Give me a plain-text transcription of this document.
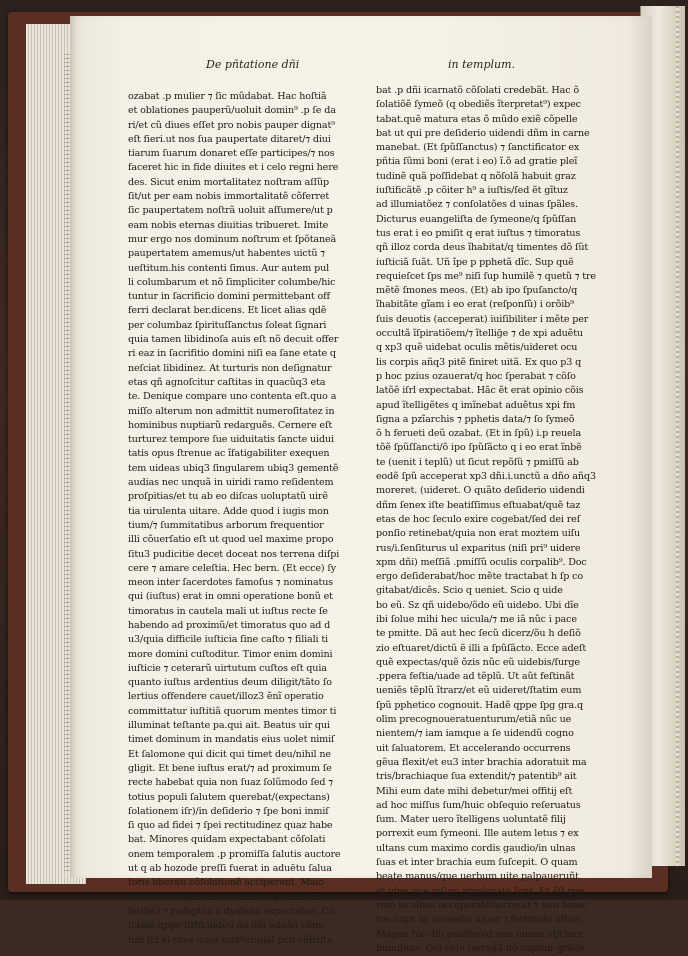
De pñtatione dñi	in templum.
ozabat .p mulier ⁊ ſic mũdabat. Hac hoſtiã
et oblationes pauperũ/uoluit domin⁹ .p ſe da
ri/et cũ diues eſſet pro nobis pauper dignat⁹
eſt fieri.ut nos ſua paupertate ditaret/⁊ diui
tiarum ſuarum donaret eſſe participes/⁊ nos
faceret hic in fide diuites et i celo regni here
des. Sicut enim mortalitatez noſtram aſſũp
ſit/ut per eam nobis immortalitatẽ cõferret
ſic paupertatem noſtrã uoluit aſſumere/ut p
eam nobis eternas diuitias tribueret. Imite
mur ergo nos dominum noſtrum et ſpõtaneã
paupertatem amemus/ut habentes uictũ ⁊
ueſtitum.his contenti ſimus. Aur autem pul
li columbarum et nõ ſimpliciter columbe/hic
tuntur in ſacrificio domini permittebant off
ferri declarat ber.dicens. Et licet alias qdẽ
per columbaz ſpirituſſanctus ſoleat ſignari
quia tamen libidinoſa auis eſt nõ decuit offer
ri eaz in ſacrifitio domini niſi ea ſane etate q
neſciat libidinez. At turturis non deſignatur
etas qñ agnoſcitur caſtitas in quacũq3 eta
te. Denique compare uno contenta eſt.quo a
miſſo alterum non admittit numeroſitatez in
hominibus nuptiarũ redarguẽs. Cernere eſt
turturez tempore ſue uiduitatis ſancte uidui
tatis opus ſtrenue ac ĩfatigabiliter exequen
tem uideas ubiq3 ſingularem ubiq3 gementẽ
audias nec unquã in uiridi ramo reſidentem
proſpitias/et tu ab eo diſcas uoluptatũ uirẽ
tia uirulenta uitare. Adde quod i iugis mon
tium/⁊ ſummitatibus arborum frequentior
illi cõuerſatio eſt ut quod uel maxime propo
ſitu3 pudicitie decet doceat nos terrena diſpi
cere ⁊ amare celeſtia. Hec bern. (Et ecce) ſy
meon inter ſacerdotes famoſus ⁊ nominatus
qui (iuſtus) erat in omni operatione bonũ et
timoratus in cautela mali ut iuſtus recte ſe
habendo ad proximũ/et timoratus quo ad d
u3/quia difficile iuſticia ſine caſto ⁊ filiali ti
more domini cuſtoditur. Timor enim domini
iuſticie ⁊ ceterarũ uirtutum cuſtos eſt quia
quanto iuſtus ardentius deum diligit/tãto ſo
lertius offendere cauet/illoz3 ẽnĩ operatio
committatur iuſtitiã quorum mentes timor ti
illuminat teſtante pa.qui ait. Beatus uir qui
timet dominum in mandatis eius uolet nimiſ
Et ſalomone qui dicit qui timet deu/nihil ne
gligit. Et bene iuſtus erat/⁊ ad proximum ſe
recte habebat quia non ſuaz ſolũmodo ſed ⁊
totius populi ſalutem querebat/(expectans)
ſolationem iſr)/in deſiderio ⁊ ſpe boni inmiſ
ſi quo ad fidei ⁊ ſpei rectitudinez quaz habe
bat. Minores quidam expectabant cõſolati
onem temporalem .p promiſſa ſalutis auctore
ut q ab hozode preſſi fuerat in aduētu ſalua
toris liberati cõſolationẽ acciperent. Maio
res uero ut ſymeon ⁊ h⁹mõi et ſpualem cõſo
latiõe3 ⁊ redeptõz a dyabolo expectabat. Cõ
ſolatõ qppe iſrl/i.uidẽtĩ õu dñi aduẽ/i cãne
fuit ſci ei pres quos met⁹ozigĩal pcti cõtriſta
bat .p dñi icarnatõ cõſolati credebãt. Hac õ
ſolatiõẽ ſymeõ (q obediẽs ĩterpretat⁹) expec
tabat.quẽ matura etas õ mũdo exiẽ cõpelle
bat ut qui pre deſiderio uidendi dñm in carne
manebat. (Et ſpũſſanctus) ⁊ ſanctificator ex
pñtia ſũmi boni (erat i eo) ĩ.õ ad gratie pleĩ
tudinẽ quã poſſidebat q nõſolã habuit graz
iuſtificãtẽ .p cõiter h⁹ a iuſtis/ſed ẽt gĩtuz
ad illumiatõez ⁊ conſolatões d uinas ſpãles.
Dicturus euangeliſta de ſymeone/q ſpũſſan
tus erat i eo pmiſit q erat iuſtus ⁊ timoratus
qñ illoz corda deus ĩhabitat/q timentes dõ ſũt
iuſticiã ſuãt. Uñ ĩpe p pphetã dĩc. Sup quẽ
requieſcet ſps me⁹ niſi ſup humilẽ ⁊ quetũ ⁊ tre
mẽtẽ ſmones meos. (Et) ab ipo ſpuſancto/q
ĩhabitãte gĩam i eo erat (reſponſũ) i orõib⁹
ſuis deuotis (acceperat) iuiſibiliter i mẽte per
occultã ĩſpiratiõem/⁊ ĩtelliḡe ⁊ de xpi aduẽtu
q xp3 quẽ uidebat oculis mẽtis/uideret ocu
lis corpis añq3 pitẽ finiret uitã. Ex quo p3 q
p hoc pzius ozauerat/q hoc ſperabat ⁊ cõſo
latõẽ iſrl expectabat. Hãc ẽt erat opinio cõis
apud ĩtelligẽtes q imĩnebat aduẽtus xpi fm
ſigna a pzĩarchis ⁊ pphetis data/⁊ ſo ſymeõ
õ h ferueti deũ ozabat. (Et in ſpũ) i.p reuela
tõẽ ſpũſſancti/õ ipo ſpũſãcto q i eo erat ĩnbẽ
te (uenit i teplũ) ut ſicut repõſũ ⁊ pmiſſũ ab
eodẽ ſpũ acceperat xp3 dñi.i.unctũ a dño añq3
moreret. (uideret. O quãto deſiderio uidendi
dñm ſenex iſte beatiſſimus eſtuabat/quẽ taz
etas de hoc ſeculo exire cogebat/ſed dei reſ
ponſio retinebat/quia non erat moztem uiſu
rus/i.ſenſiturus ul exparitus (niſi pri⁹ uidere
xpm dñi) meſſiã .pmiſſũ oculis corpalib⁹. Doc
ergo deſiderabat/hoc mẽte tractabat h ſp co
gitabat/dicẽs. Scio q ueniet. Scio q uide
bo eũ. Sz qñ uidebo/õdo eũ uidebo. Ubi dĩe
ibi ſolue mihi hec uicula/⁊ me iã nũc i pace
te pmitte. Dã aut hec ſecũ dicerz/õu h deſiõ
zio eſtuaret/dictũ ẽ illi a ſpũſãcto. Ecce adeſt
quẽ expectas/quẽ õzis nũc eũ uidebis/ſurge
.ppera feſtia/uade ad tẽplũ. Ut aũt feſtinãt
ueniẽs tẽplũ ĩtrarz/et eũ uideret/ſtatim eum
ſpũ pphetico cognouit. Hadẽ qppe ſpg gra.q
olim precognoueratuenturum/etiã nũc ue
nientem/⁊ iam iamque a ſe uidendũ cogno
uit ſaluatorem. Et accelerando occurrens
gẽua flexit/et eu3 inter brachia adoratuit ma
tris/brachiaque ſua extendit/⁊ patentib⁹ ait
Mihi eum date mihi debetur/mei offitij eſt
ad hoc miſſus ſum/huic obſequio reſeruatus
ſum. Mater uero ĩtelligens uoluntatẽ filij
porrexit eum ſymeoni. Ille autem letus ⁊ ex
ultans cum maximo cordis gaudio/in ulnas
ſuas et inter brachia eum ſuſcepit. O quam
beate manus/que uerbum uite palpaueruñt
et ulne que ipſum amplexate ſunt. Et ẽ9 pue
rum in ulnas acceperat/ſuccreuit ⁊ non ſenec
tus fugit ac iuuenilis uigor ⁊ fortitudo affuit
Magna hic dñi pñaſẽs/ed non minoz et/clarz
humilitas. Qui celo terraq3 nõ capitur grãde
